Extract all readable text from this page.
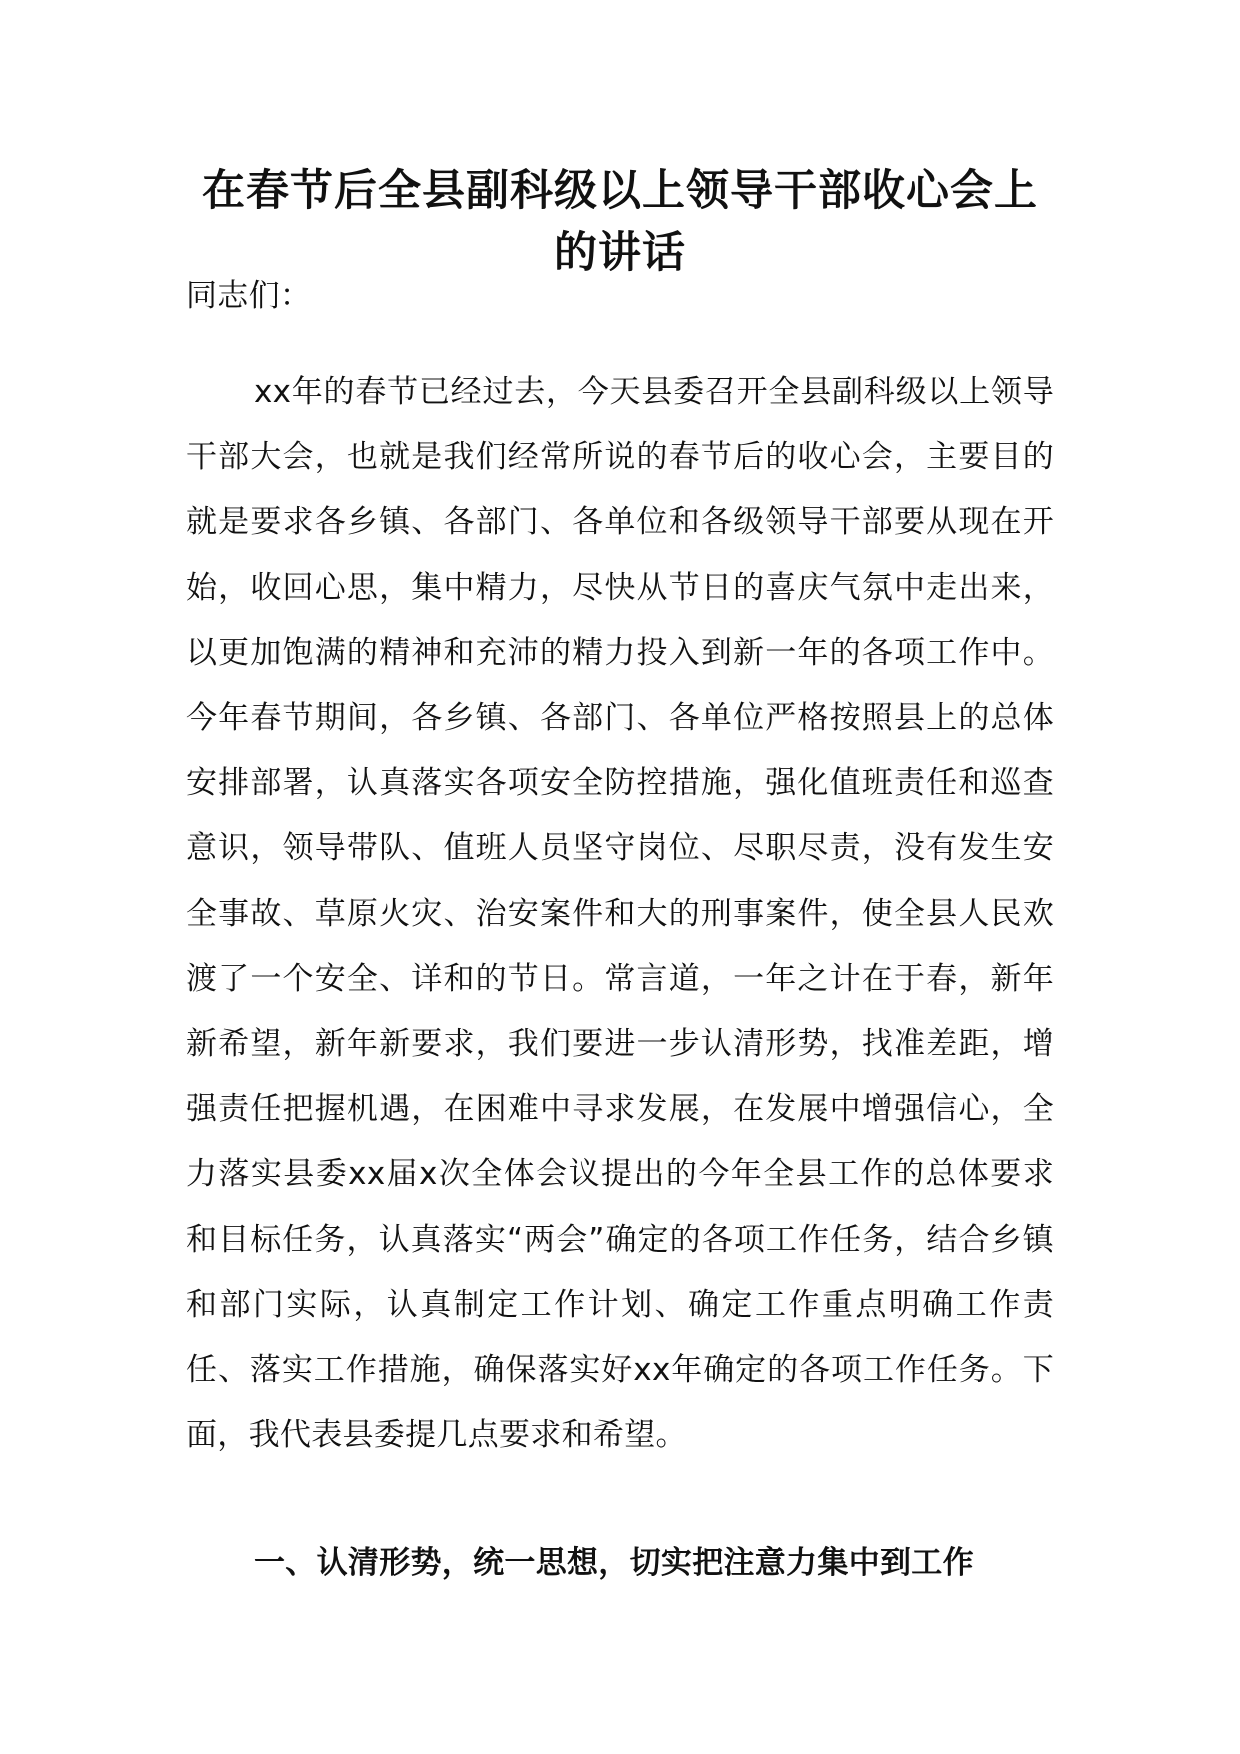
在春节后全县副科级以上领导干部收心会上的讲话

同志们：

xx年的春节已经过去，今天县委召开全县副科级以上领导干部大会，也就是我们经常所说的春节后的收心会，主要目的就是要求各乡镇、各部门、各单位和各级领导干部要从现在开始，收回心思，集中精力，尽快从节日的喜庆气氛中走出来，以更加饱满的精神和充沛的精力投入到新一年的各项工作中。今年春节期间，各乡镇、各部门、各单位严格按照县上的总体安排部署，认真落实各项安全防控措施，强化值班责任和巡查意识，领导带队、值班人员坚守岗位、尽职尽责，没有发生安全事故、草原火灾、治安案件和大的刑事案件，使全县人民欢渡了一个安全、详和的节日。常言道，一年之计在于春，新年新希望，新年新要求，我们要进一步认清形势，找准差距，增强责任把握机遇，在困难中寻求发展，在发展中增强信心，全力落实县委xx届x次全体会议提出的今年全县工作的总体要求和目标任务，认真落实“两会”确定的各项工作任务，结合乡镇和部门实际，认真制定工作计划、确定工作重点明确工作责任、落实工作措施，确保落实好xx年确定的各项工作任务。下面，我代表县委提几点要求和希望。

一、认清形势，统一思想，切实把注意力集中到工作
